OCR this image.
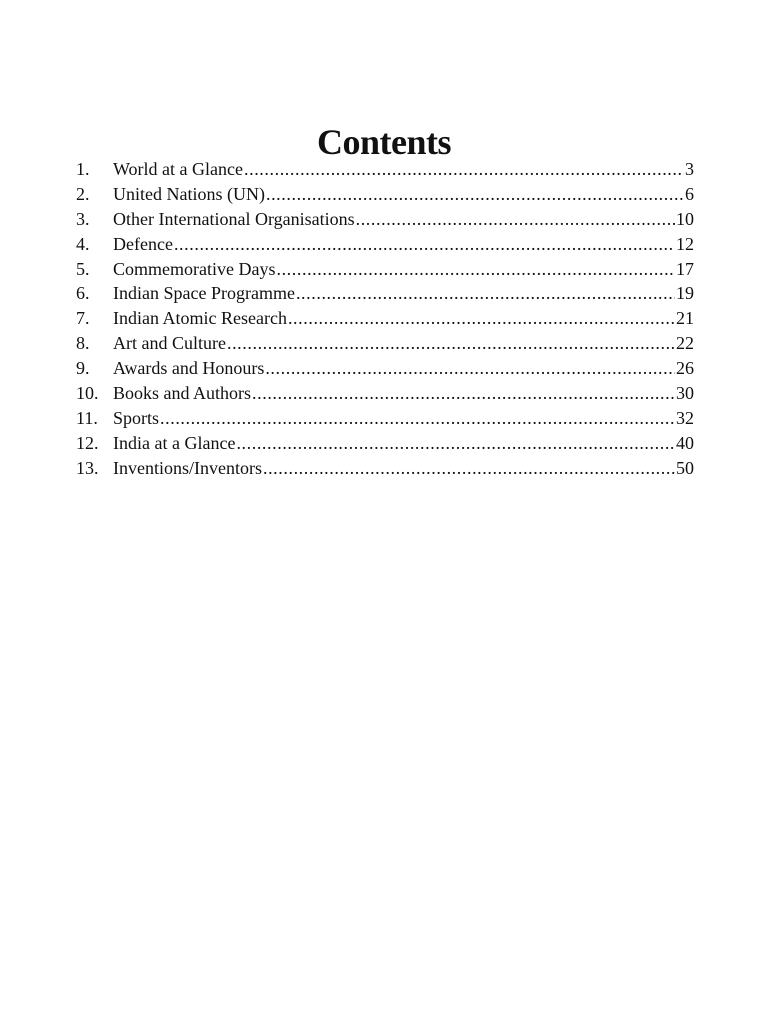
Contents
1.	World at a Glance .....	3
2.	United Nations (UN) .....	6
3.	Other International Organisations .....	10
4.	Defence .....	12
5.	Commemorative Days .....	17
6.	Indian Space Programme .....	19
7.	Indian Atomic Research .....	21
8.	Art and Culture .....	22
9.	Awards and Honours .....	26
10. Books and Authors .....	30
11. Sports .....	32
12. India at a Glance .....	40
13. Inventions/Inventors .....	50
